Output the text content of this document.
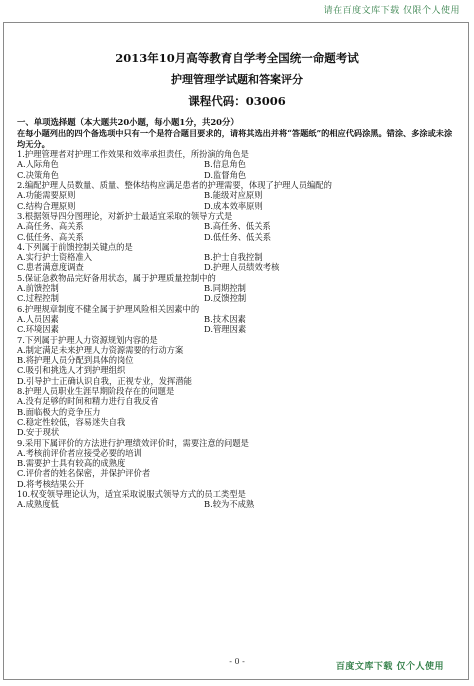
请在百度文库下载 仅限个人使用

2013年10月高等教育自学考全国统一命题考试

护理管理学试题和答案评分

课程代码：03006

一、单项选择题（本大题共20小题，每小题1分，共20分）
在每小题列出的四个备选项中只有一个是符合题目要求的，请将其选出并将“答题纸”的相应代码涂黑。错涂、多涂或未涂均无分。
1.护理管理者对护理工作效果和效率承担责任，所扮演的角色是
A.人际角色	B.信息角色
C.决策角色	D.监督角色
2.编配护理人员数量、质量、整体结构应满足患者的护理需要，体现了护理人员编配的
A.功能需要原则	B.能级对应原则
C.结构合理原则	D.成本效率原则
3.根据领导四分图理论，对新护士最适宜采取的领导方式是
A.高任务、高关系	B.高任务、低关系
C.低任务、高关系	D.低任务、低关系
4.下列属于前馈控制关键点的是
A.实行护士资格准入	B.护士自我控制
C.患者满意度调查	D.护理人员绩效考核
5.保证急救物品完好备用状态，属于护理质量控制中的
A.前馈控制	B.同期控制
C.过程控制	D.反馈控制
6.护理规章制度不健全属于护理风险相关因素中的
A.人员因素	B.技术因素
C.环境因素	D.管理因素
7.下列属于护理人力资源规划内容的是
A.制定满足未来护理人力资源需要的行动方案
B.将护理人员分配到具体的岗位
C.吸引和挑选人才到护理组织
D.引导护士正确认识自我，正视专业，发挥潜能
8.护理人员职业生涯早期阶段存在的问题是
A.没有足够的时间和精力进行自我反省
B.面临极大的竞争压力
C.稳定性较低，容易迷失自我
D.安于现状
9.采用下属评价的方法进行护理绩效评价时，需要注意的问题是
A.考核前评价者应接受必要的培训
B.需要护士具有较高的成熟度
C.评价者的姓名保密，并保护评价者
D.将考核结果公开
10.权变领导理论认为，适宜采取说服式领导方式的员工类型是
A.成熟度低	B.较为不成熟
- 0 -
百度文库下载 仅个人使用
